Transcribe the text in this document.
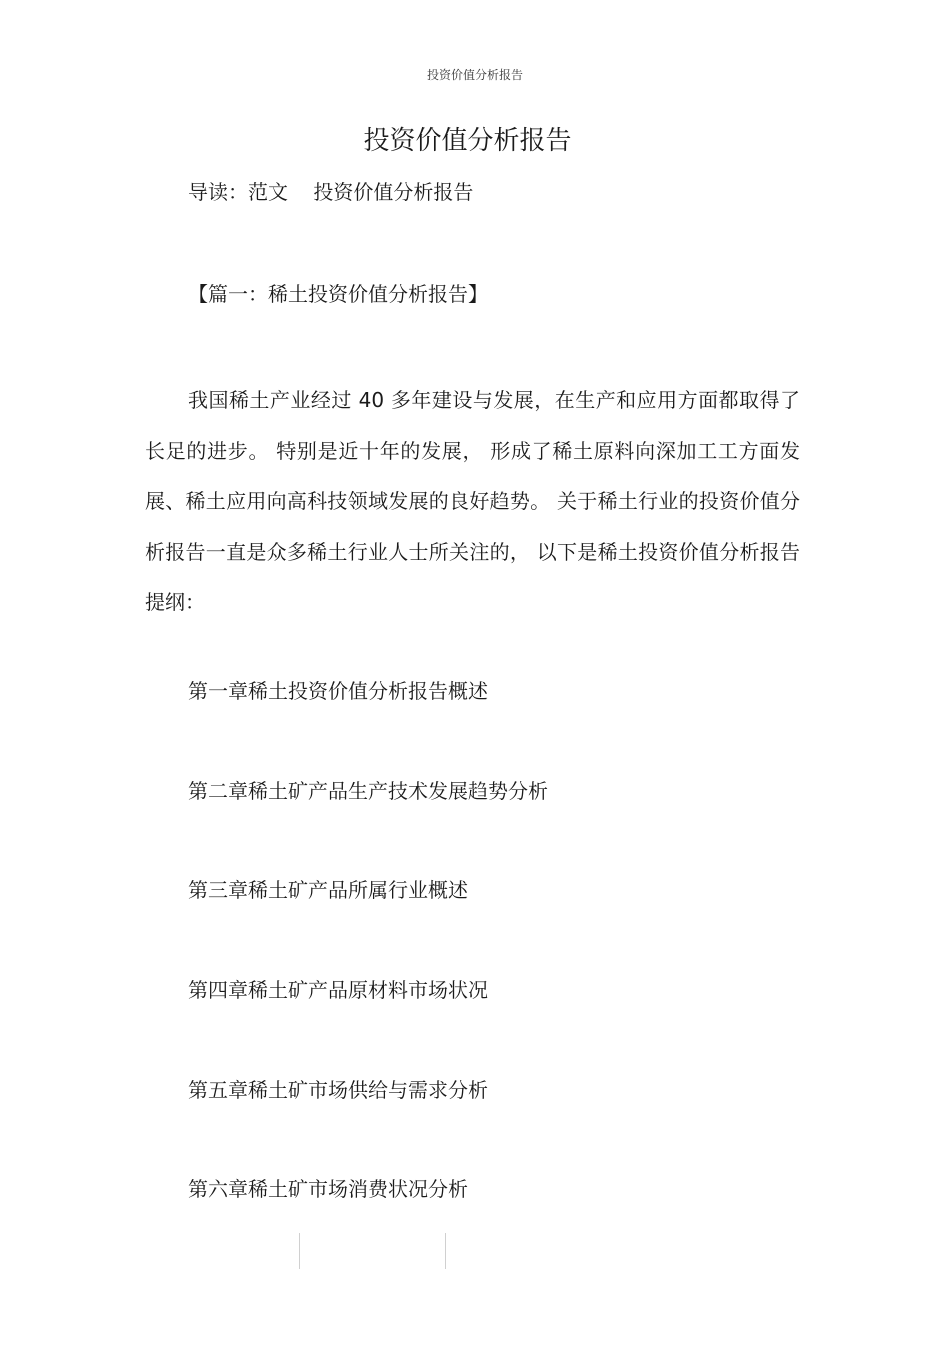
投资价值分析报告
投资价值分析报告
导读：范文    投资价值分析报告
【篇一：稀土投资价值分析报告】
我国稀土产业经过 40 多年建设与发展，在生产和应用方面都取得了长足的进步。 特别是近十年的发展， 形成了稀土原料向深加工工方面发展、稀土应用向高科技领域发展的良好趋势。 关于稀土行业的投资价值分析报告一直是众多稀土行业人士所关注的， 以下是稀土投资价值分析报告提纲：
第一章稀土投资价值分析报告概述
第二章稀土矿产品生产技术发展趋势分析
第三章稀土矿产品所属行业概述
第四章稀土矿产品原材料市场状况
第五章稀土矿市场供给与需求分析
第六章稀土矿市场消费状况分析
